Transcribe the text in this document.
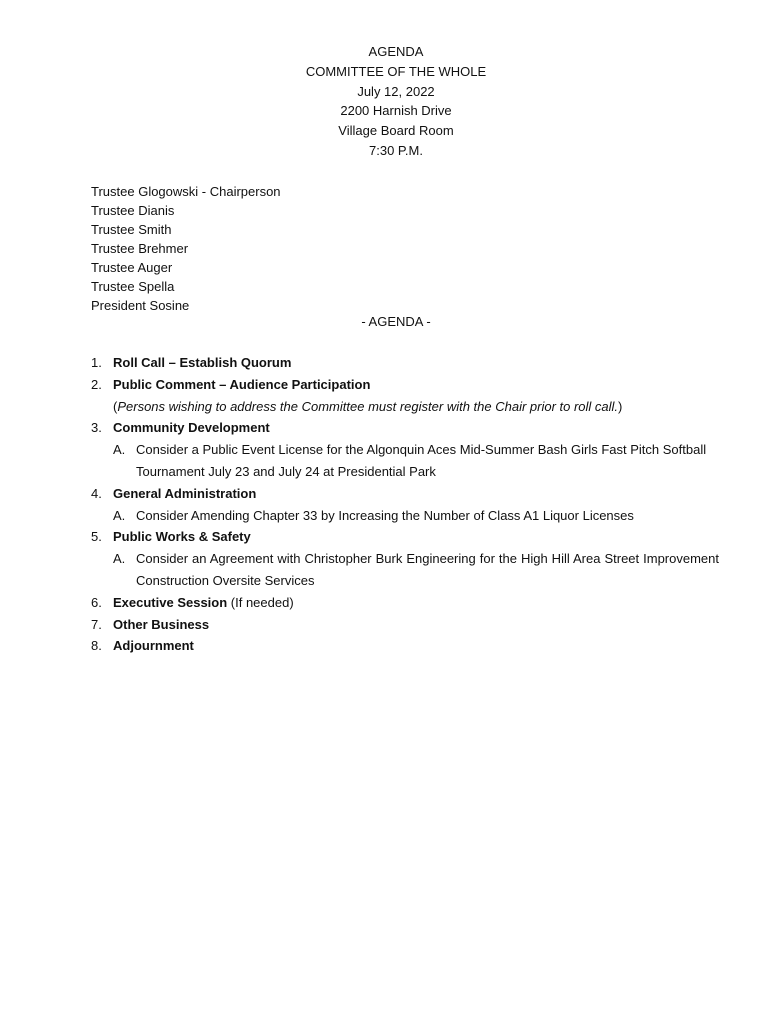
AGENDA
COMMITTEE OF THE WHOLE
July 12, 2022
2200 Harnish Drive
Village Board Room
7:30 P.M.
Trustee Glogowski - Chairperson
Trustee Dianis
Trustee Smith
Trustee Brehmer
Trustee Auger
Trustee Spella
President Sosine
- AGENDA -
1. Roll Call – Establish Quorum
2. Public Comment – Audience Participation
(Persons wishing to address the Committee must register with the Chair prior to roll call.)
3. Community Development
A. Consider a Public Event License for the Algonquin Aces Mid-Summer Bash Girls Fast Pitch Softball Tournament July 23 and July 24 at Presidential Park
4. General Administration
A. Consider Amending Chapter 33 by Increasing the Number of Class A1 Liquor Licenses
5. Public Works & Safety
A. Consider an Agreement with Christopher Burk Engineering for the High Hill Area Street Improvement Construction Oversite Services
6. Executive Session (If needed)
7. Other Business
8. Adjournment
